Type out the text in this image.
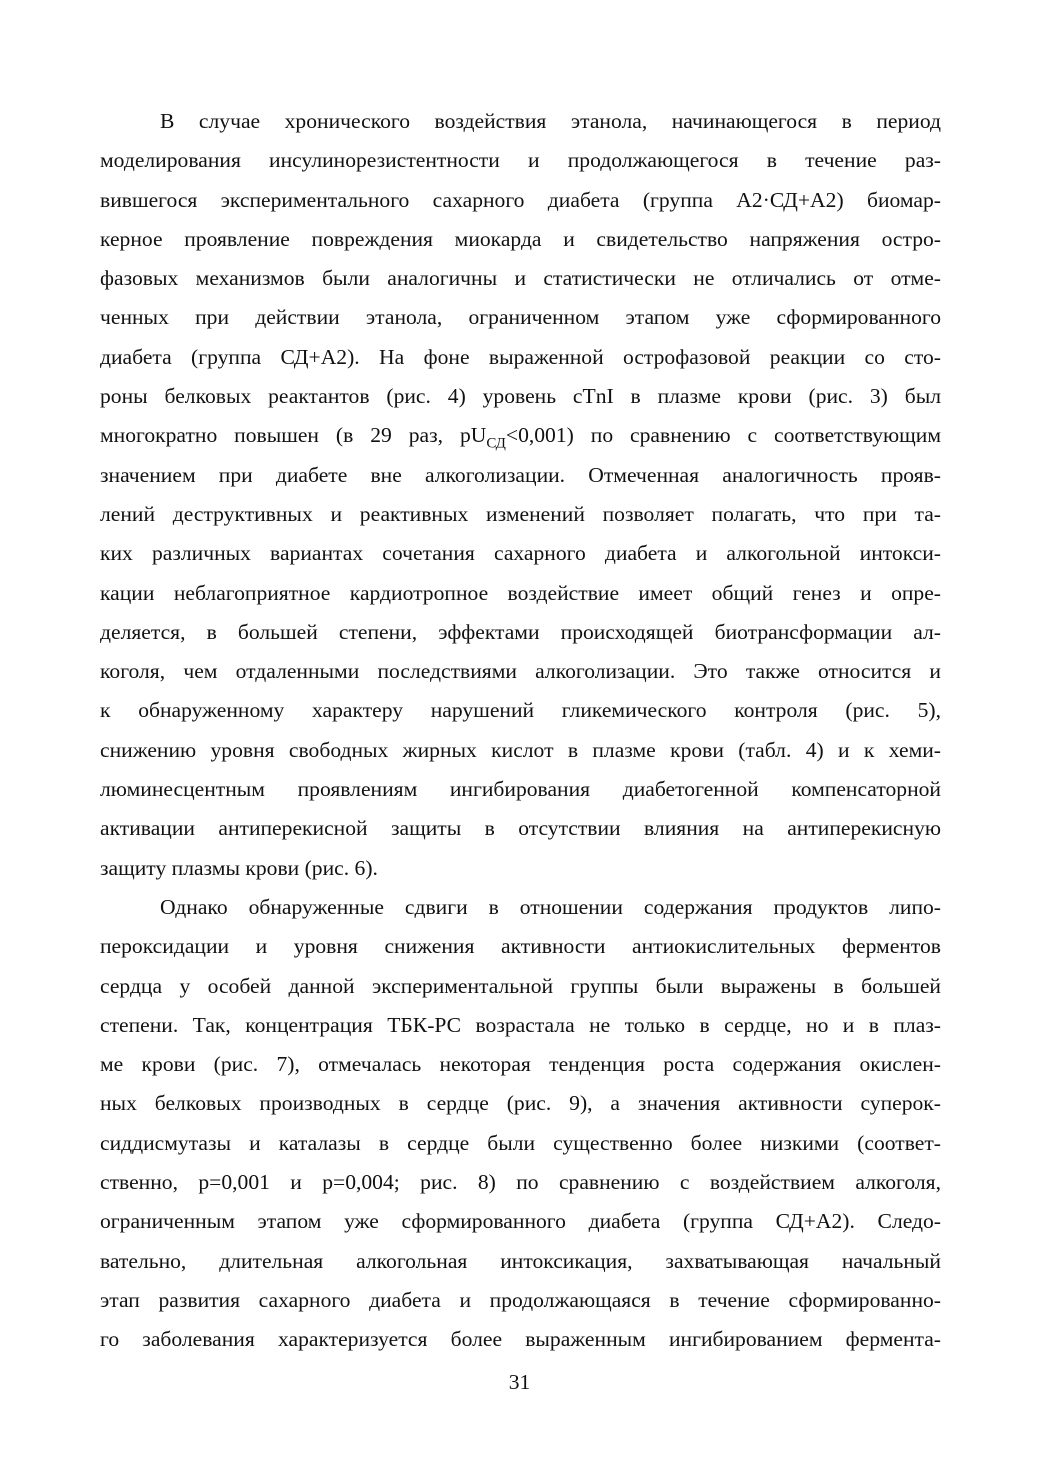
В случае хронического воздействия этанола, начинающегося в период
моделирования инсулинорезистентности и продолжающегося в течение раз-
вившегося экспериментального сахарного диабета (группа А2·СД+А2) биомар-
керное проявление повреждения миокарда и свидетельство напряжения остро-
фазовых механизмов были аналогичны и статистически не отличались от отме-
ченных при действии этанола, ограниченном этапом уже сформированного
диабета (группа СД+А2). На фоне выраженной острофазовой реакции со сто-
роны белковых реактантов (рис. 4) уровень cTnI в плазме крови (рис. 3) был
многократно повышен (в 29 раз, $pU_{СД}<0,001$) по сравнению с соответствующим
значением при диабете вне алкоголизации. Отмеченная аналогичность прояв-
лений деструктивных и реактивных изменений позволяет полагать, что при та-
ких различных вариантах сочетания сахарного диабета и алкогольной интокси-
кации неблагоприятное кардиотропное воздействие имеет общий генез и опре-
деляется, в большей степени, эффектами происходящей биотрансформации ал-
коголя, чем отдаленными последствиями алкоголизации. Это также относится и
к обнаруженному характеру нарушений гликемического контроля (рис. 5),
снижению уровня свободных жирных кислот в плазме крови (табл. 4) и к хеми-
люминесцентным проявлениям ингибирования диабетогенной компенсаторной
активации антиперекисной защиты в отсутствии влияния на антиперекисную
защиту плазмы крови (рис. 6).
Однако обнаруженные сдвиги в отношении содержания продуктов липо-
пероксидации и уровня снижения активности антиокислительных ферментов
сердца у особей данной экспериментальной группы были выражены в большей
степени. Так, концентрация ТБК-РС возрастала не только в сердце, но и в плаз-
ме крови (рис. 7), отмечалась некоторая тенденция роста содержания окислен-
ных белковых производных в сердце (рис. 9), а значения активности суперок-
сиддисмутазы и каталазы в сердце были существенно более низкими (соответ-
ственно, p=0,001 и p=0,004; рис. 8) по сравнению с воздействием алкоголя,
ограниченным этапом уже сформированного диабета (группа СД+А2). Следо-
вательно, длительная алкогольная интоксикация, захватывающая начальный
этап развития сахарного диабета и продолжающаяся в течение сформированно-
го заболевания характеризуется более выраженным ингибированием фермента-
31
